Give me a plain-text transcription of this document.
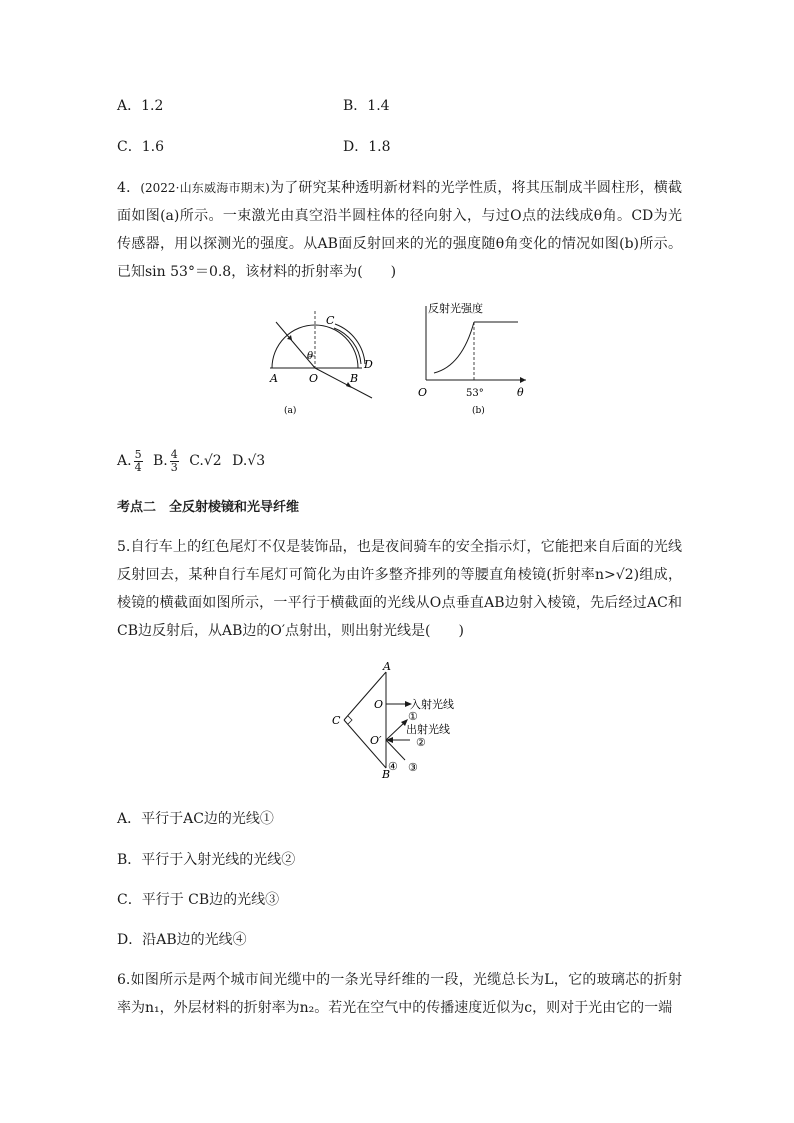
A．1.2	B．1.4
C．1.6	D．1.8
4．(2022·山东威海市期末)为了研究某种透明新材料的光学性质，将其压制成半圆柱形，横截面如图(a)所示。一束激光由真空沿半圆柱体的径向射入，与过O点的法线成θ角。CD为光传感器，用以探测光的强度。从AB面反射回来的光的强度随θ角变化的情况如图(b)所示。已知sin 53°＝0.8，该材料的折射率为(　　)
θ
C
D
A	O	B
(a)
反射光强度
O	53°	θ
(b)
A. $\frac{5}{4} B$. $\frac{4}{3} C.√2$ D.√3
考点二　全反射棱镜和光导纤维
5.自行车上的红色尾灯不仅是装饰品，也是夜间骑车的安全指示灯，它能把来自后面的光线反射回去，某种自行车尾灯可简化为由许多整齐排列的等腰直角棱镜(折射率n>√2)组成，棱镜的横截面如图所示，一平行于横截面的光线从O点垂直AB边射入棱镜，先后经过AC和CB边反射后，从AB边的O′点射出，则出射光线是(　　)
A
C
B
O
O′
入射光线
①
出射光线
②
④ ③
A．平行于AC边的光线①
B．平行于入射光线的光线②
C．平行于 CB边的光线③
D．沿AB边的光线④
6.如图所示是两个城市间光缆中的一条光导纤维的一段，光缆总长为L，它的玻璃芯的折射率为n₁，外层材料的折射率为n₂。若光在空气中的传播速度近似为c，则对于光由它的一端
